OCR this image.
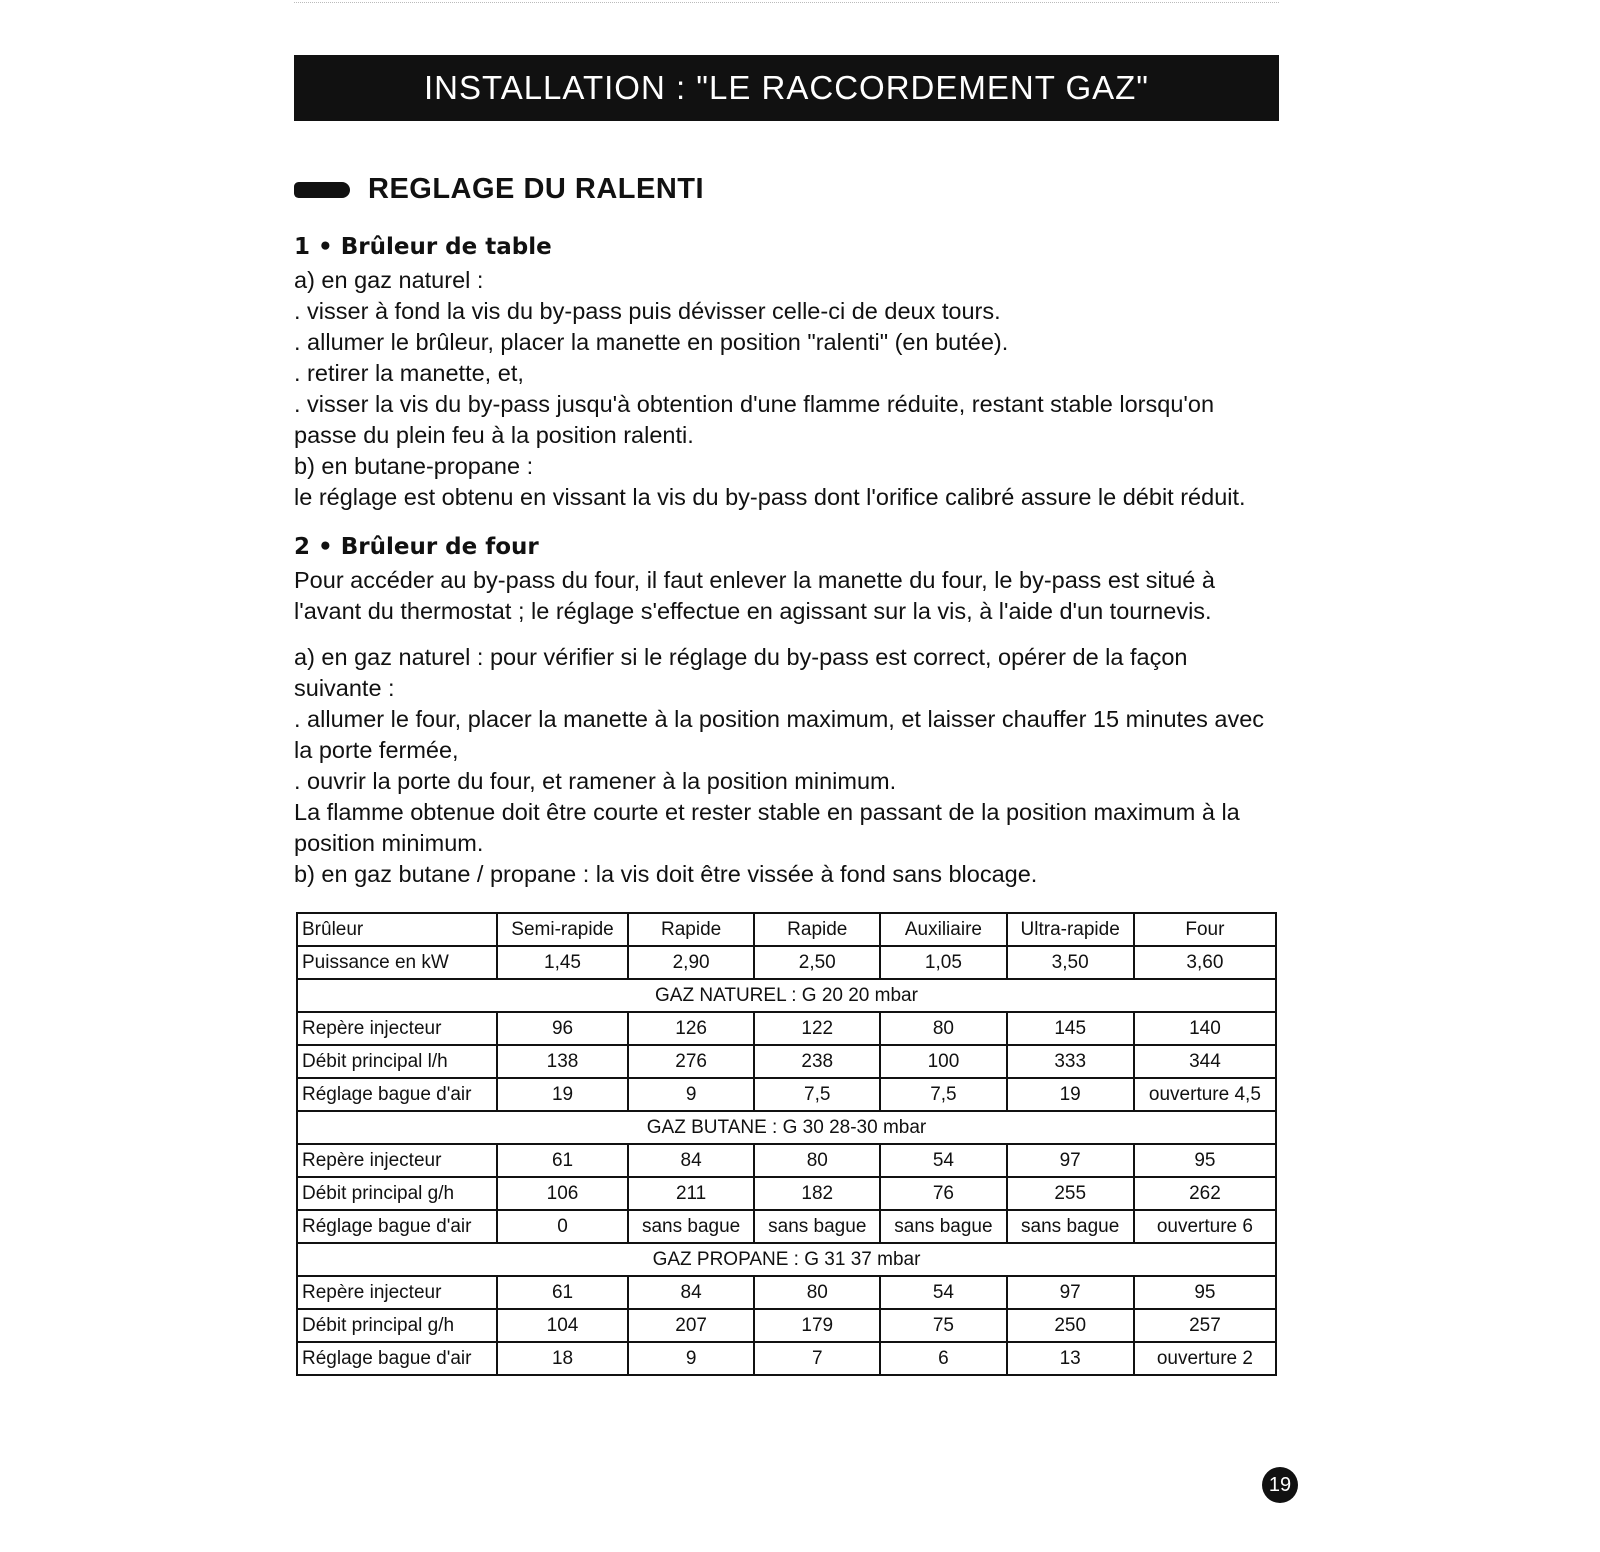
INSTALLATION : "LE RACCORDEMENT GAZ"
REGLAGE DU RALENTI
1 • Brûleur de table

a) en gaz naturel :

. visser à fond la vis du by-pass puis dévisser celle-ci de deux tours.

. allumer le brûleur, placer la manette en position "ralenti" (en butée).

. retirer la manette, et,

. visser la vis du by-pass jusqu'à obtention d'une flamme réduite, restant stable lorsqu'on passe du plein feu à la position ralenti.

b) en butane-propane :

le réglage est obtenu en vissant la vis du by-pass dont l'orifice calibré assure le débit réduit.

2 • Brûleur de four

Pour accéder au by-pass du four, il faut enlever la manette du four, le by-pass est situé à l'avant du thermostat ; le réglage s'effectue en agissant sur la vis, à l'aide d'un tournevis.

a) en gaz naturel : pour vérifier si le réglage du by-pass est correct, opérer de la façon suivante :

. allumer le four, placer la manette à la position maximum, et laisser chauffer 15 minutes avec la porte fermée,

. ouvrir la porte du four, et ramener à la position minimum.

La flamme obtenue doit être courte et rester stable en passant de la position maximum à la position minimum.

b) en gaz butane / propane : la vis doit être vissée à fond sans blocage.

Brûleur	Semi-rapide	Rapide	Rapide	Auxiliaire	Ultra-rapide	Four
Puissance en kW	1,45	2,90	2,50	1,05	3,50	3,60
GAZ NATUREL : G 20 20 mbar						
Repère injecteur	96	126	122	80	145	140
Débit principal l/h	138	276	238	100	333	344
Réglage bague d'air	19	9	7,5	7,5	19	ouverture 4,5
GAZ BUTANE : G 30 28-30 mbar						
Repère injecteur	61	84	80	54	97	95
Débit principal g/h	106	211	182	76	255	262
Réglage bague d'air	0	sans bague	sans bague	sans bague	sans bague	ouverture 6
GAZ PROPANE : G 31 37 mbar						
Repère injecteur	61	84	80	54	97	95
Débit principal g/h	104	207	179	75	250	257
Réglage bague d'air	18	9	7	6	13	ouverture 2
19
